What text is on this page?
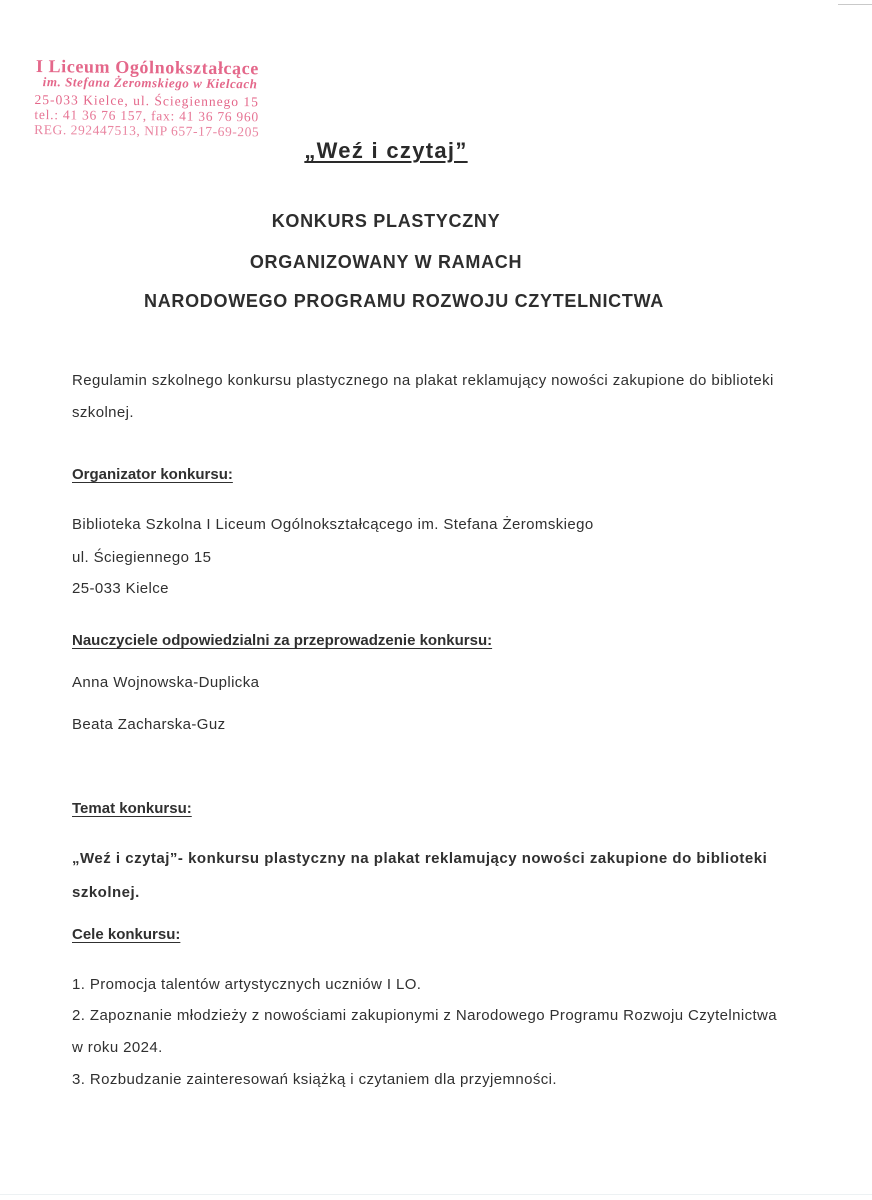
I Liceum Ogólnokształcące
im. Stefana Żeromskiego w Kielcach
25-033 Kielce, ul. Ściegiennego 15
tel.: 41 36 76 157, fax: 41 36 76 960
REG. 292447513, NIP 657-17-69-205
„Weź i czytaj”
KONKURS PLASTYCZNY
ORGANIZOWANY W RAMACH
NARODOWEGO PROGRAMU ROZWOJU CZYTELNICTWA
Regulamin szkolnego konkursu plastycznego na plakat reklamujący nowości zakupione do biblioteki
szkolnej.
Organizator konkursu:
Biblioteka Szkolna I Liceum Ogólnokształcącego im. Stefana Żeromskiego
ul. Ściegiennego 15
25-033 Kielce
Nauczyciele odpowiedzialni za przeprowadzenie konkursu:
Anna Wojnowska-Duplicka
Beata Zacharska-Guz
Temat konkursu:
„Weź i czytaj”- konkursu plastyczny na plakat reklamujący nowości zakupione do biblioteki
szkolnej.
Cele konkursu:
1. Promocja talentów artystycznych uczniów I LO.
2. Zapoznanie młodzieży z nowościami zakupionymi z Narodowego Programu Rozwoju Czytelnictwa
w roku 2024.
3. Rozbudzanie zainteresowań książką i czytaniem dla przyjemności.
